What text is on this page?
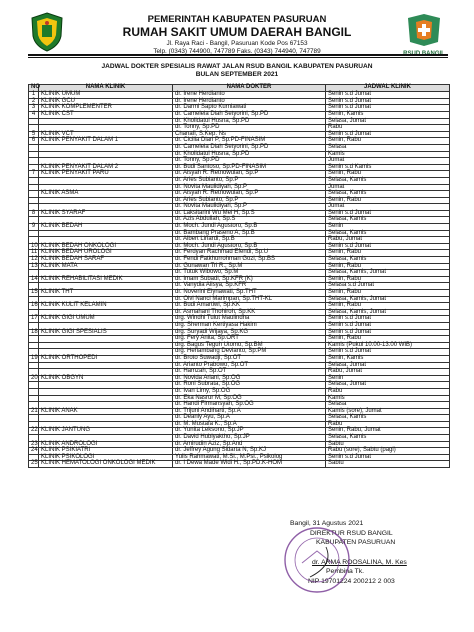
PEMERINTAH KABUPATEN PASURUAN
RUMAH SAKIT UMUM DAERAH BANGIL
Jl. Raya Raci - Bangil, Pasuruan Kode Pos 67153
Telp. (0343) 744900, 747789 Faks. (0343) 744940, 747789	RSUD BANGIL
JADWAL DOKTER SPESIALIS RAWAT JALAN RSUD BANGIL KABUPATEN PASURUAN
BULAN SEPTEMBER 2021
NO	NAMA KLINIK	NAMA DOKTER	JADWAL KLINIK
1	KLINIK UMUM	dr. Irene Herdianto	Senin s.d Jumat
2	KLINIK GCU	dr. Irene Herdianto	Senin s.d Jumat
3	KLINIK KOMPLEMENTER	dr. Darmi Sapto Kurniawati	Senin s.d Jumat
4	KLINIK CST	dr. Cameleia Diah Setyorini, Sp.PD	Senin, Kamis
		dr. Kholidatul Husna, Sp.PD	Selasa, Jumat
		dr. Tonny, Sp.PD	Rabu
5	KLINIK VCT	Chanafi, S.Kep. Ns	Senin s.d Jumat
6	KLINIK PENYAKIT DALAM 1	dr. Cicilia Dian P, Sp.PD-FINASIM	Senin, Rabu
		dr. Cameleia Diah Setyorini, Sp.PD	Selasa
		dr. Kholidatul Husna, Sp.PD	Kamis
		dr. Tonny, Sp.PD	Jumat
	KLINIK PENYAKIT DALAM 2	dr. Budi Santoso, Sp.PD-FINASIM	Senin s.d Kamis
7	KLINIK PENYAKIT PARU	dr. Aisyah R. Retnowulan, Sp.P	Senin, Rabu
		dr. Aries Subianto, Sp.P	Selasa, Kamis
		dr. Novita Maulidiyah, Sp.P	Jumat
	KLINIK ASMA	dr. Aisyah R. Retnowulan, Sp.P	Selasa, Kamis
		dr. Aries Subianto, Sp.P	Senin, Rabu
		dr. Novita Maulidiyah, Sp.P	Jumat
8	KLINIK SYARAF	dr. Laksitarini Wu Mei H, Sp.S	Senin s.d Jumat
		dr. Azis Abdullah, Sp.S	Selasa, Kamis
9	KLINIK BEDAH	dr. Moch. Jundi Agustoro, Sp.B	Senin
		dr. Bambang Praseno A, Sp.B	Selasa, Kamis
		dr. Albert Linardi, Sp.B	Rabu, Jumat
10	KLINIK BEDAH ONKOLOGI	dr. Moch. Jundi Agustoro, Sp.B	Senin s.d Jumat
11	KLINIK BEDAH UROLOGI	dr. Ferdyan Rachmad Efendi, Sp.U	Senin, Rabu
12	KLINIK BEDAH SARAF	dr. Fendi Fatkhurrohman Gozi, Sp.BS	Selasa, Kamis
13	KLINIK MATA	dr. Gunawan Tri R., Sp.M	Senin, Rabu
		dr. Tutuk Wibowo, Sp.M	Selasa, Kamis, Jumat
14	KLINIK REHABILITASI MEDIK	dr. Imam Subadi, Sp.KFR (K)	Senin, Rabu
		dr. Vanydia Alisya, Sp.KFR	Selasa s.d Jumat
15	KLINIK THT	dr. Noverini Elynawati, Sp.THT	Senin, Rabu
		dr. Olvi Nanci Marimpan, Sp.THT-KL	Selasa, Kamis, Jumat
16	KLINIK KULIT KELAMIN	dr. Budi Amartiwi, Sp.KK	Senin, Rabu
		dr. Asmahani Thohiroh, Sp.KK	Selasa, Kamis, Jumat
17	KLINIK GIGI UMUM	drg. Windhi Tulut Maulindha	Senin s.d Jumat
		drg. Sherman Kertiyasa Hakim	Senin s.d Jumat
18	KLINIK GIGI SPESIALIS	drg. Suryadi Wijaya, Sp.KG	Senin s.d Jumat
		drg. Fery Anita, Sp.ORT	Senin, Rabu
		drg. Bagus Teguh Utomo, Sp.BM	Kamis (Pukul 10.00-13.00 WIB)
		drg. Herlambang Devianto, Sp.PM	Senin s.d Jumat
19	KLINIK ORTHOPEDI	dr. Broto Suwadji, Sp.OT	Senin, Kamis
		dr. Arianto Prabowo, Sp.OT	Selasa, Jumat
		dr. Hamzah, Sp.OT	Rabu, Jumat
20	KLINIK OBGYN	dr. Novida Ariani, Sp.OG	Senin
		dr. Roni Subrata, Sp.OG	Selasa, Jumat
		dr. Ivan Limy, Sp.OG	Rabu
		dr. Eka Nasrur M, Sp.OG	Kamis
		dr. Handi Firmansyah, Sp.OG	Selasa
21	KLINIK ANAK	dr. Trijuni Andiharti, Sp.A	Kamis (sore), Jumat
		dr. Deanly Ayu, Sp.A	Selasa, Kamis
		dr. M. Mustafa K., Sp.A	Rabu
22	KLINIK JANTUNG	dr. Yunita Leksono, Sp.JP	Senin, Rabu, Jumat
		dr. David Hubiyaktho, Sp.JP	Selasa, Kamis
23	KLINIK ANDROLOGI	dr. Amirudin Aziz, Sp.And	Sabtu
24	KLINIK PSIKIATRI	dr. Jeffrey Agung Sidarta N, Sp.KJ	Rabu (sore), Sabtu (pagi)
	KLINIK PSIKOLOGI	Yulis Rahmawati, M.Si., M.Psi., Psikolog	Senin s.d Jumat
25	KLINIK HEMATOLOGI ONKOLOGI MEDIK	dr. I Dewa Made Widi H., Sp.PD.K-HOM	Sabtu
Bangil, 31 Agustus 2021
DIREKTUR RSUD BANGIL
KABUPATEN PASURUAN
dr. ARMA ROOSALINA, M. Kes
Pembina Tk.
NIP 19701224 200212 2 003
